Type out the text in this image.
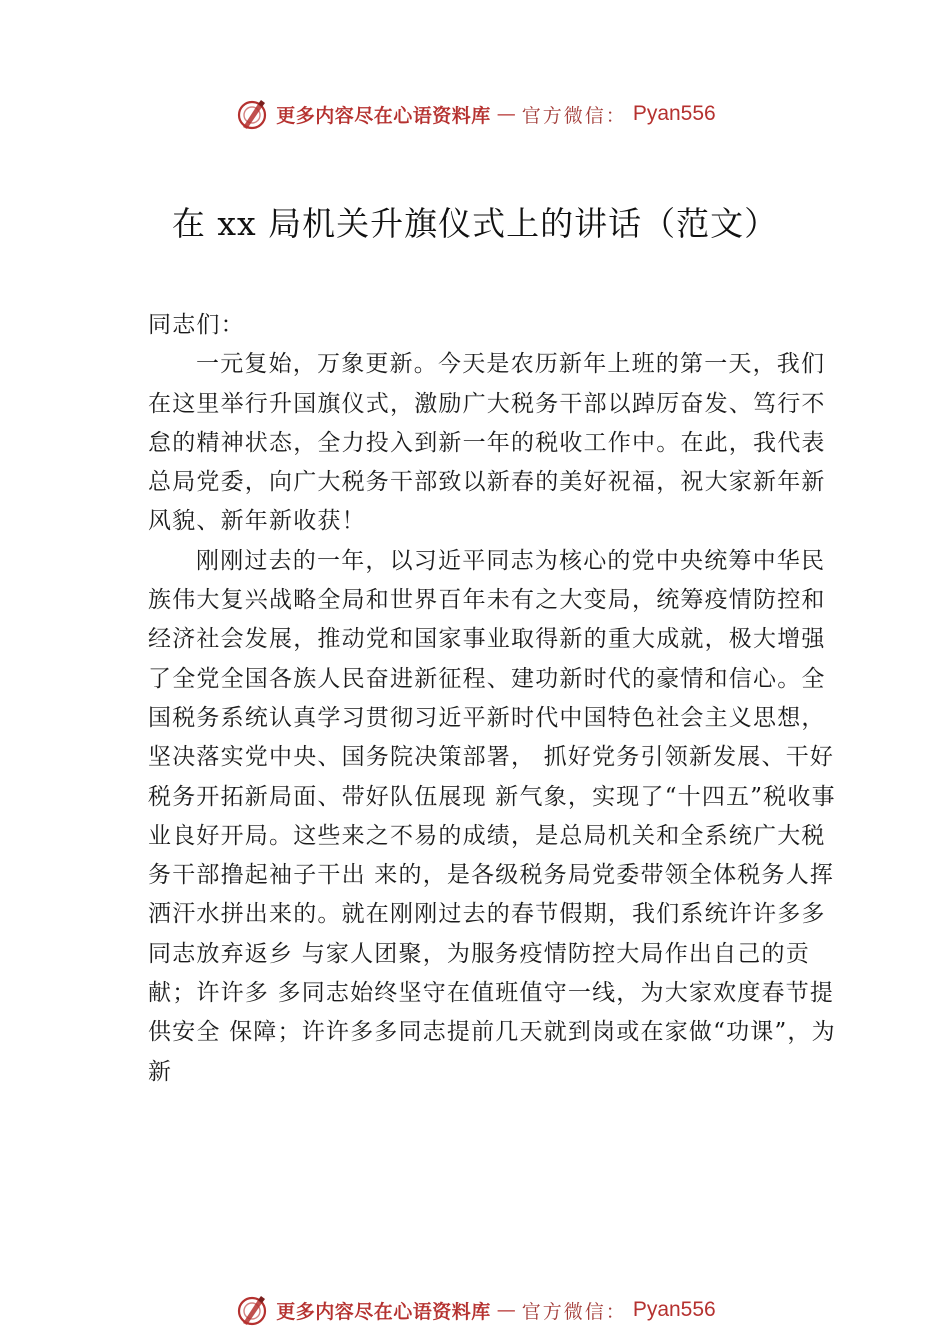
更多内容尽在心语资料库 — 官方微信： Pyan556
在 xx 局机关升旗仪式上的讲话（范文）

同志们：

一元复始，万象更新。今天是农历新年上班的第一天，我们在这里举行升国旗仪式，激励广大税务干部以踔厉奋发、笃行不怠的精神状态，全力投入到新一年的税收工作中。在此，我代表总局党委，向广大税务干部致以新春的美好祝福，祝大家新年新风貌、新年新收获！

刚刚过去的一年，以习近平同志为核心的党中央统筹中华民族伟大复兴战略全局和世界百年未有之大变局，统筹疫情防控和经济社会发展，推动党和国家事业取得新的重大成就，极大增强了全党全国各族人民奋进新征程、建功新时代的豪情和信心。全国税务系统认真学习贯彻习近平新时代中国特色社会主义思想，坚决落实党中央、国务院决策部署， 抓好党务引领新发展、干好税务开拓新局面、带好队伍展现 新气象，实现了“十四五”税收事业良好开局。这些来之不易的成绩，是总局机关和全系统广大税务干部撸起袖子干出 来的，是各级税务局党委带领全体税务人挥洒汗水拼出来的。就在刚刚过去的春节假期，我们系统许许多多同志放弃返乡 与家人团聚，为服务疫情防控大局作出自己的贡献；许许多 多同志始终坚守在值班值守一线，为大家欢度春节提供安全 保障；许许多多同志提前几天就到岗或在家做“功课”，为新

更多内容尽在心语资料库 — 官方微信： Pyan556
